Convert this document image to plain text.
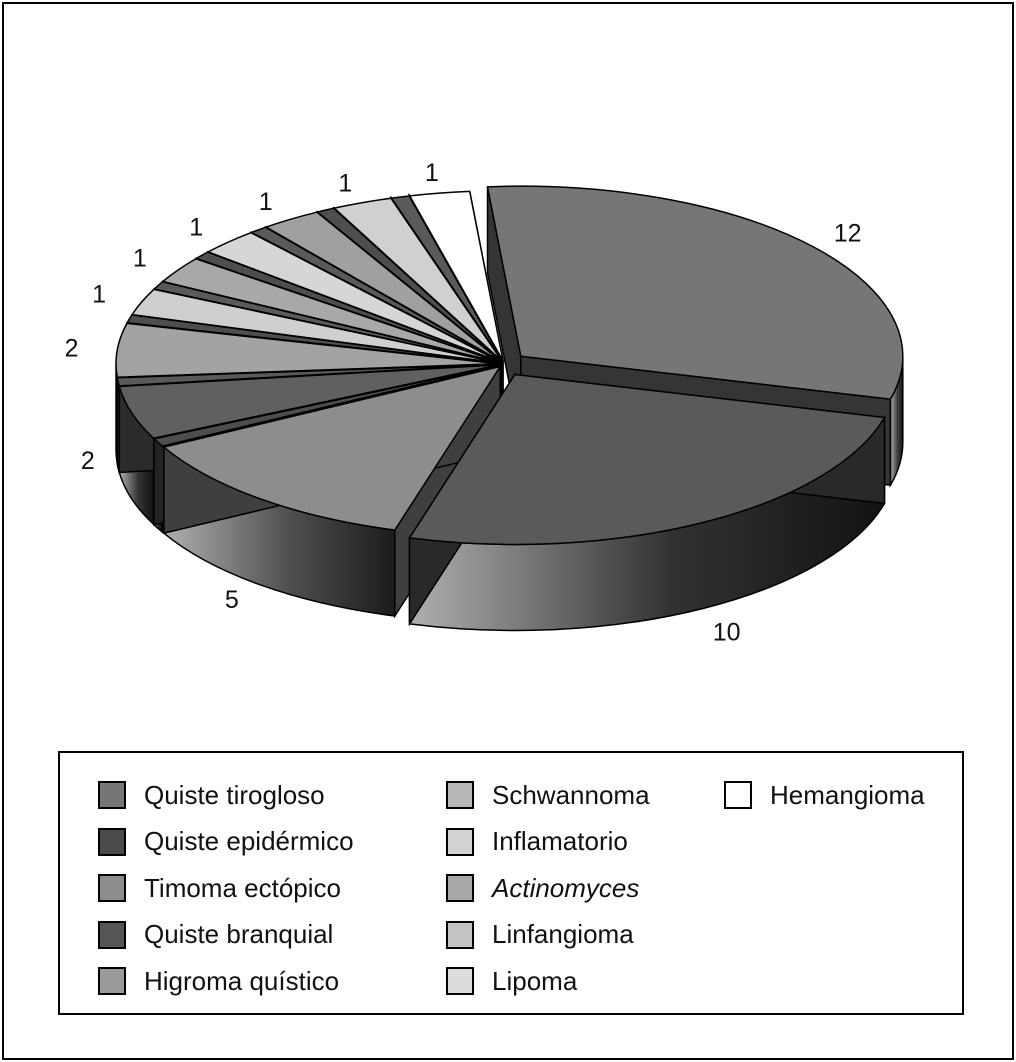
12
10
5
2
2
1
1
1
1
1	1
Quiste tirogloso
Quiste epidérmico
Timoma ectópico
Quiste branquial
Higroma quístico
Schwannoma
Inflamatorio
Actinomyces
Linfangioma
Lipoma
Hemangioma
